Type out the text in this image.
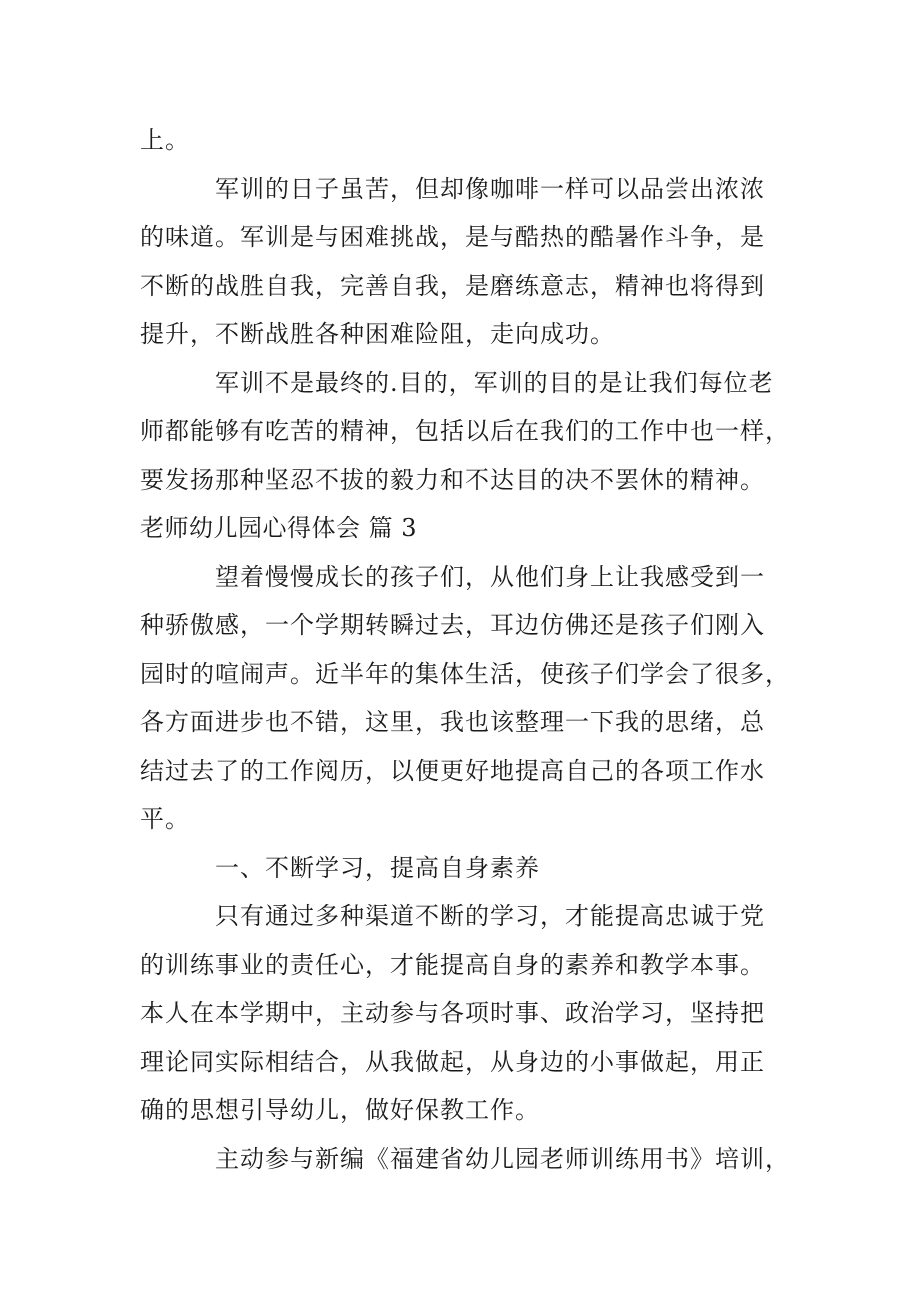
上。
军训的日子虽苦，但却像咖啡一样可以品尝出浓浓
的味道。军训是与困难挑战，是与酷热的酷暑作斗争，是
不断的战胜自我，完善自我，是磨练意志，精神也将得到
提升，不断战胜各种困难险阻，走向成功。
军训不是最终的.目的，军训的目的是让我们每位老
师都能够有吃苦的精神，包括以后在我们的工作中也一样，
要发扬那种坚忍不拔的毅力和不达目的决不罢休的精神。
老师幼儿园心得体会 篇 3
望着慢慢成长的孩子们，从他们身上让我感受到一
种骄傲感，一个学期转瞬过去，耳边仿佛还是孩子们刚入
园时的喧闹声。近半年的集体生活，使孩子们学会了很多，
各方面进步也不错，这里，我也该整理一下我的思绪，总
结过去了的工作阅历，以便更好地提高自己的各项工作水
平。
一、不断学习，提高自身素养
只有通过多种渠道不断的学习，才能提高忠诚于党
的训练事业的责任心，才能提高自身的素养和教学本事。
本人在本学期中，主动参与各项时事、政治学习，坚持把
理论同实际相结合，从我做起，从身边的小事做起，用正
确的思想引导幼儿，做好保教工作。
主动参与新编《福建省幼儿园老师训练用书》培训，
